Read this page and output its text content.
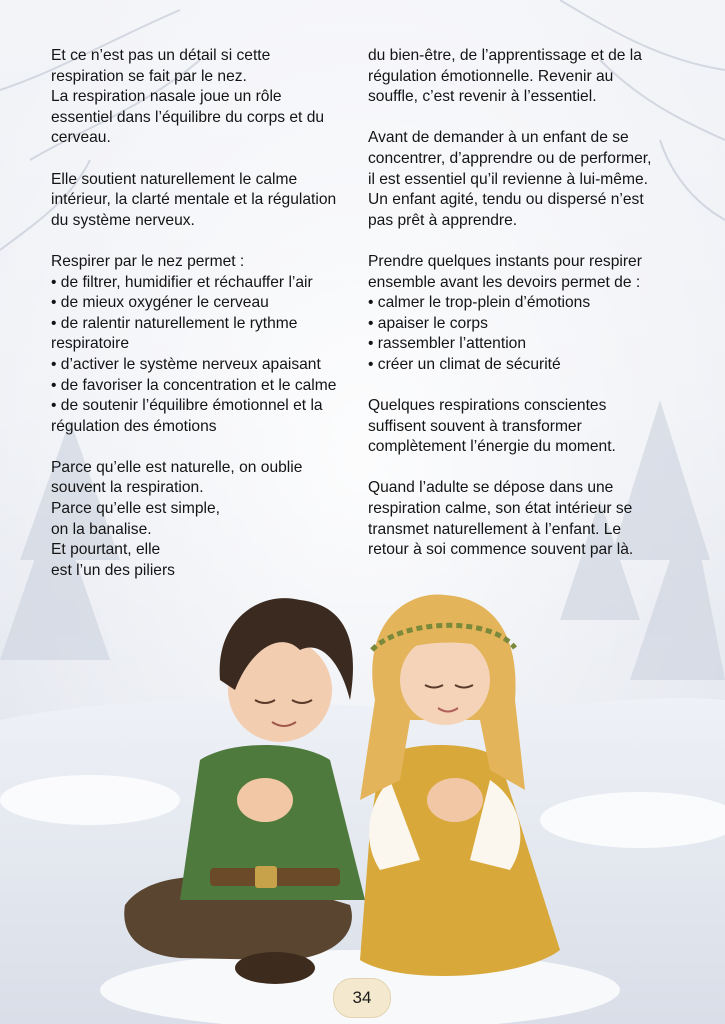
Et ce n’est pas un détail si cette
respiration se fait par le nez.
La respiration nasale joue un rôle
essentiel dans l’équilibre du corps et du
cerveau.
Elle soutient naturellement le calme
intérieur, la clarté mentale et la régulation
du système nerveux.
Respirer par le nez permet :
• de filtrer, humidifier et réchauffer l’air
• de mieux oxygéner le cerveau
• de ralentir naturellement le rythme
respiratoire
• d’activer le système nerveux apaisant
• de favoriser la concentration et le calme
• de soutenir l’équilibre émotionnel et la
régulation des émotions
Parce qu’elle est naturelle, on oublie
souvent la respiration.
Parce qu’elle est simple,
on la banalise.
Et pourtant, elle
est l’un des piliers
du bien-être, de l’apprentissage et de la
régulation émotionnelle. Revenir au
souffle, c’est revenir à l’essentiel.
Avant de demander à un enfant de se
concentrer, d’apprendre ou de performer,
il est essentiel qu’il revienne à lui-même.
Un enfant agité, tendu ou dispersé n’est
pas prêt à apprendre.
Prendre quelques instants pour respirer
ensemble avant les devoirs permet de :
• calmer le trop-plein d’émotions
• apaiser le corps
• rassembler l’attention
• créer un climat de sécurité
Quelques respirations conscientes
suffisent souvent à transformer
complètement l’énergie du moment.
Quand l’adulte se dépose dans une
respiration calme, son état intérieur se
transmet naturellement à l’enfant. Le
retour à soi commence souvent par là.
34
